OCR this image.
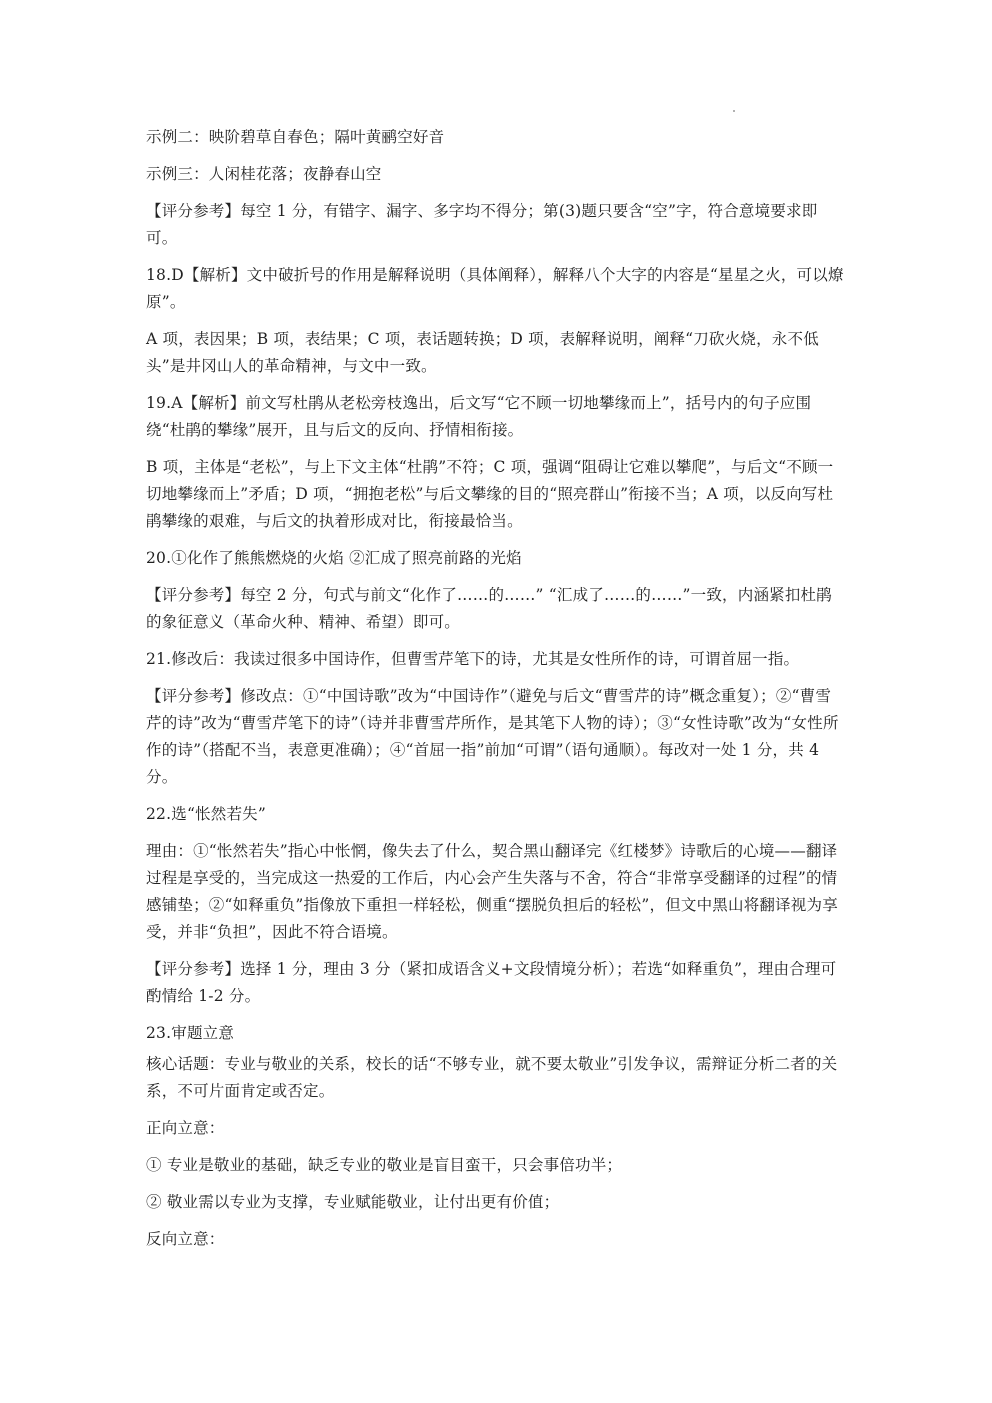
示例二：映阶碧草自春色；隔叶黄鹂空好音

示例三：人闲桂花落；夜静春山空

【评分参考】每空 1 分，有错字、漏字、多字均不得分；第(3)题只要含“空”字，符合意境要求即可。

18.D【解析】文中破折号的作用是解释说明（具体阐释），解释八个大字的内容是“星星之火，可以燎原”。

A 项，表因果；B 项，表结果；C 项，表话题转换；D 项，表解释说明，阐释“刀砍火烧，永不低头”是井冈山人的革命精神，与文中一致。

19.A【解析】前文写杜鹃从老松旁枝逸出，后文写“它不顾一切地攀缘而上”，括号内的句子应围绕“杜鹃的攀缘”展开，且与后文的反向、抒情相衔接。

B 项，主体是“老松”，与上下文主体“杜鹃”不符；C 项，强调“阻碍让它难以攀爬”，与后文“不顾一切地攀缘而上”矛盾；D 项，“拥抱老松”与后文攀缘的目的“照亮群山”衔接不当；A 项，以反向写杜鹃攀缘的艰难，与后文的执着形成对比，衔接最恰当。

20.①化作了熊熊燃烧的火焰 ②汇成了照亮前路的光焰

【评分参考】每空 2 分，句式与前文“化作了……的……” “汇成了……的……”一致，内涵紧扣杜鹃的象征意义（革命火种、精神、希望）即可。

21.修改后：我读过很多中国诗作，但曹雪芹笔下的诗，尤其是女性所作的诗，可谓首屈一指。

【评分参考】修改点：①“中国诗歌”改为“中国诗作”（避免与后文“曹雪芹的诗”概念重复）；②“曹雪芹的诗”改为“曹雪芹笔下的诗”（诗并非曹雪芹所作，是其笔下人物的诗）；③“女性诗歌”改为“女性所作的诗”（搭配不当，表意更准确）；④“首屈一指”前加“可谓”（语句通顺）。每改对一处 1 分，共 4 分。

22.选“怅然若失”

理由：①“怅然若失”指心中怅惘，像失去了什么，契合黑山翻译完《红楼梦》诗歌后的心境——翻译过程是享受的，当完成这一热爱的工作后，内心会产生失落与不舍，符合“非常享受翻译的过程”的情感铺垫；②“如释重负”指像放下重担一样轻松，侧重“摆脱负担后的轻松”，但文中黑山将翻译视为享受，并非“负担”，因此不符合语境。

【评分参考】选择 1 分，理由 3 分（紧扣成语含义+文段情境分析）；若选“如释重负”，理由合理可酌情给 1-2 分。

23.审题立意

核心话题：专业与敬业的关系，校长的话“不够专业，就不要太敬业”引发争议，需辩证分析二者的关系，不可片面肯定或否定。

正向立意：

① 专业是敬业的基础，缺乏专业的敬业是盲目蛮干，只会事倍功半；

② 敬业需以专业为支撑，专业赋能敬业，让付出更有价值；

反向立意：
